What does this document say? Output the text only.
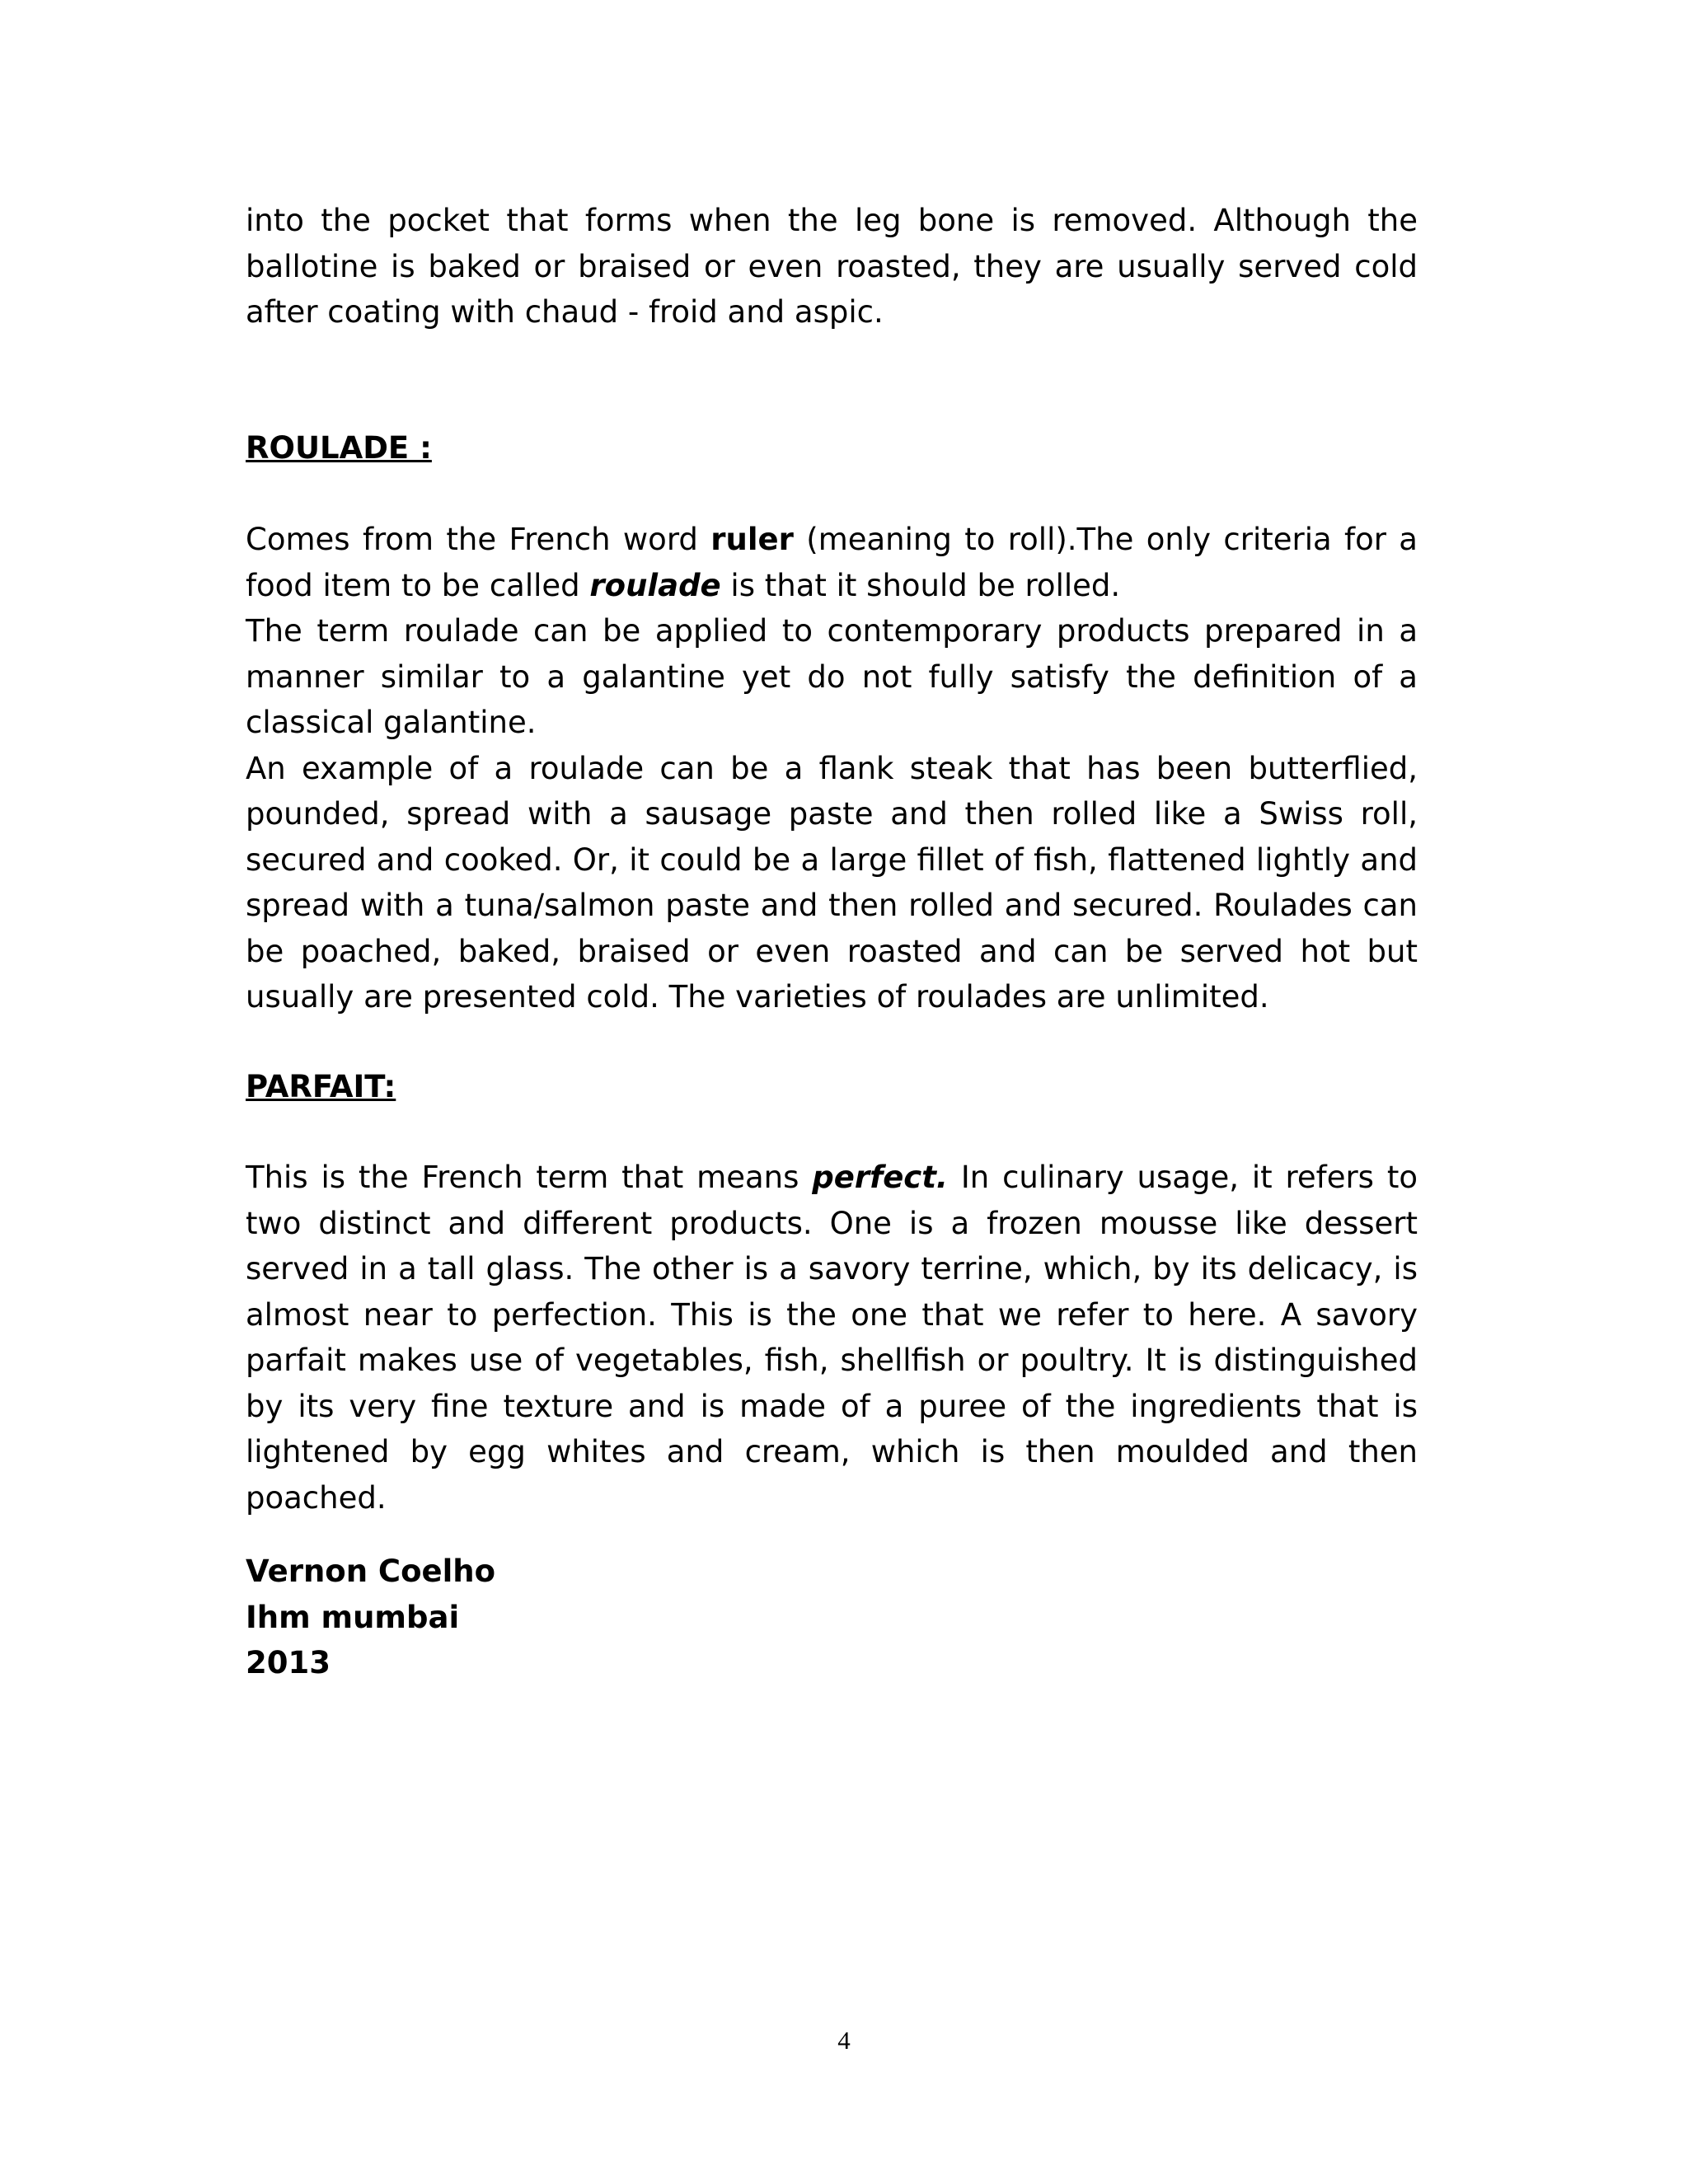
into the pocket that forms when the leg bone is removed. Although the ballotine is baked or braised or even roasted, they are usually served cold after coating with chaud - froid and aspic.

ROULADE :

Comes from the French word ruler (meaning to roll).The only criteria for a food item to be called roulade is that it should be rolled.
The term roulade can be applied to contemporary products prepared in a manner similar to a galantine yet do not fully satisfy the definition of a classical galantine.
An example of a roulade can be a flank steak that has been butterflied, pounded, spread with a sausage paste and then rolled like a Swiss roll, secured and cooked. Or, it could be a large fillet of fish, flattened lightly and spread with a tuna/salmon paste and then rolled and secured. Roulades can be poached, baked, braised or even roasted and can be served hot but usually are presented cold. The varieties of roulades are unlimited.

PARFAIT:

This is the French term that means perfect. In culinary usage, it refers to two distinct and different products. One is a frozen mousse like dessert served in a tall glass. The other is a savory terrine, which, by its delicacy, is almost near to perfection. This is the one that we refer to here. A savory parfait makes use of vegetables, fish, shellfish or poultry. It is distinguished by its very fine texture and is made of a puree of the ingredients that is lightened by egg whites and cream, which is then moulded and then poached.
Vernon Coelho
Ihm mumbai
2013
4
